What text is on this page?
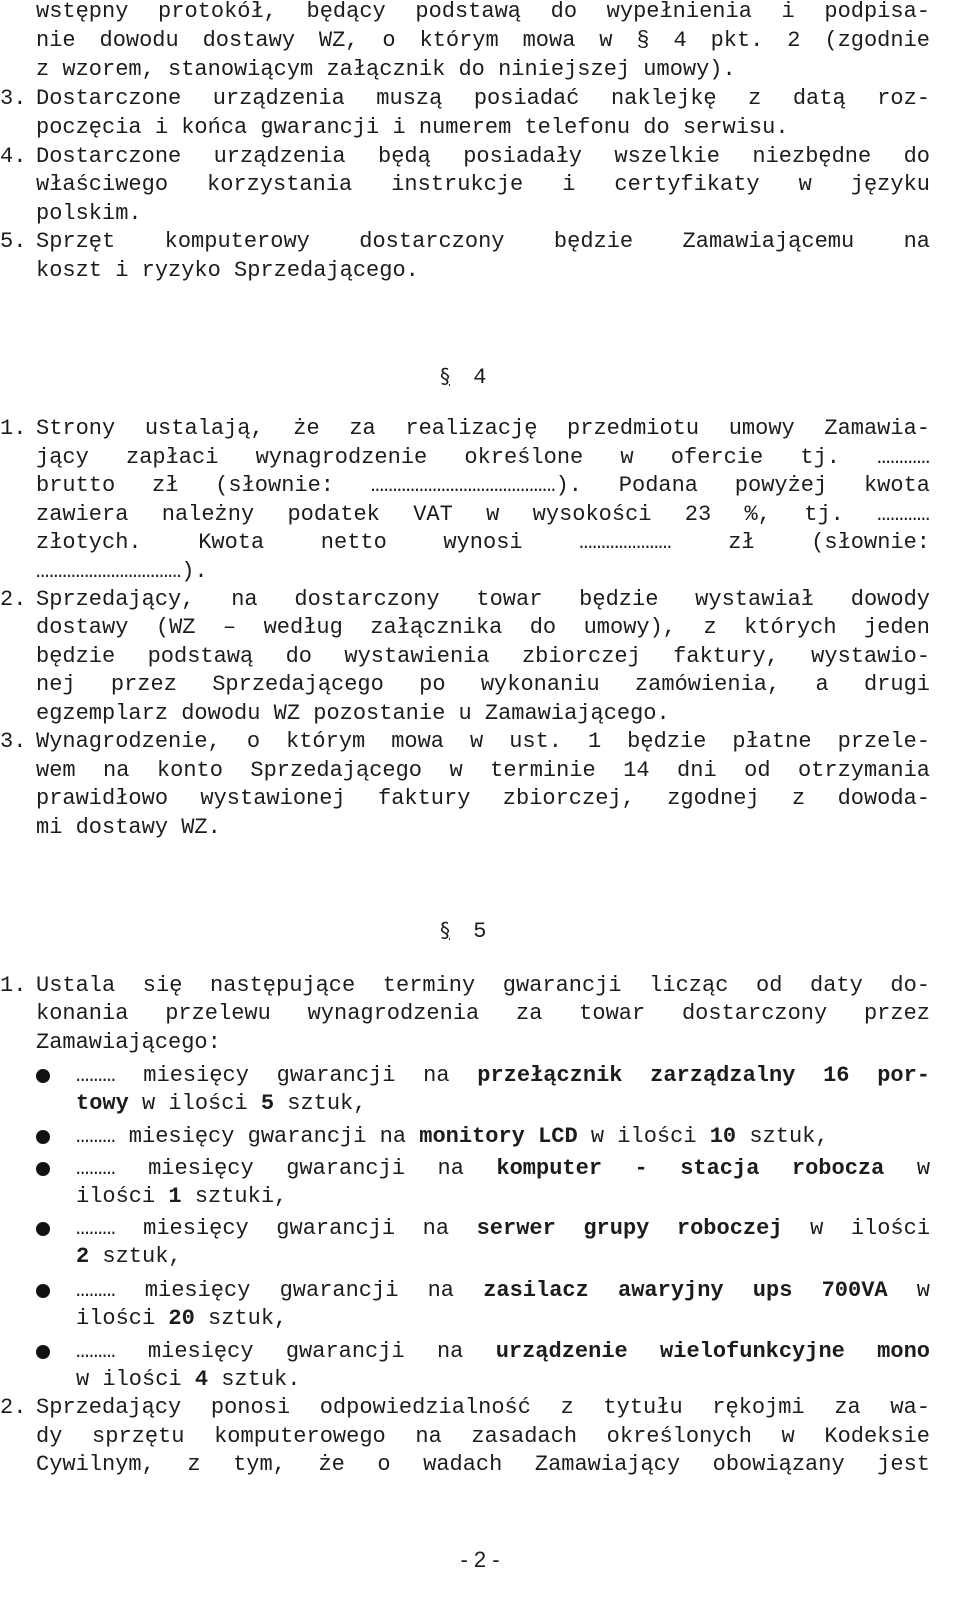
wstępny protokół, będący podstawą do wypełnienia i podpisa-
nie dowodu dostawy WZ, o którym mowa w § 4 pkt. 2 (zgodnie
z wzorem, stanowiącym załącznik do niniejszej umowy).
3. Dostarczone urządzenia muszą posiadać naklejkę z datą roz-
poczęcia i końca gwarancji i numerem telefonu do serwisu.
4. Dostarczone urządzenia będą posiadały wszelkie niezbędne do
właściwego korzystania instrukcje i certyfikaty w języku
polskim.
5. Sprzęt komputerowy dostarczony będzie Zamawiającemu na
koszt i ryzyko Sprzedającego.
§ 4
1. Strony ustalają, że za realizację przedmiotu umowy Zamawia-
jący zapłaci wynagrodzenie określone w ofercie tj. …………
brutto zł (słownie: ……………………………………). Podana powyżej kwota
zawiera należny podatek VAT w wysokości 23 %, tj. …………
złotych. Kwota netto wynosi ………………… zł (słownie:
……………………………).
2. Sprzedający, na dostarczony towar będzie wystawiał dowody
dostawy (WZ – według załącznika do umowy), z których jeden
będzie podstawą do wystawienia zbiorczej faktury, wystawio-
nej przez Sprzedającego po wykonaniu zamówienia, a drugi
egzemplarz dowodu WZ pozostanie u Zamawiającego.
3. Wynagrodzenie, o którym mowa w ust. 1 będzie płatne przele-
wem na konto Sprzedającego w terminie 14 dni od otrzymania
prawidłowo wystawionej faktury zbiorczej, zgodnej z dowoda-
mi dostawy WZ.
§ 5
1. Ustala się następujące terminy gwarancji licząc od daty do-
konania przelewu wynagrodzenia za towar dostarczony przez
Zamawiającego:
……… miesięcy gwarancji na przełącznik zarządzalny 16 por-
towy w ilości 5 sztuk,
……… miesięcy gwarancji na monitory LCD w ilości 10 sztuk,
……… miesięcy gwarancji na komputer - stacja robocza w
ilości 1 sztuki,
……… miesięcy gwarancji na serwer grupy roboczej w ilości
2 sztuk,
……… miesięcy gwarancji na zasilacz awaryjny ups 700VA w
ilości 20 sztuk,
……… miesięcy gwarancji na urządzenie wielofunkcyjne mono
w ilości 4 sztuk.
2. Sprzedający ponosi odpowiedzialność z tytułu rękojmi za wa-
dy sprzętu komputerowego na zasadach określonych w Kodeksie
Cywilnym, z tym, że o wadach Zamawiający obowiązany jest
- 2 -
